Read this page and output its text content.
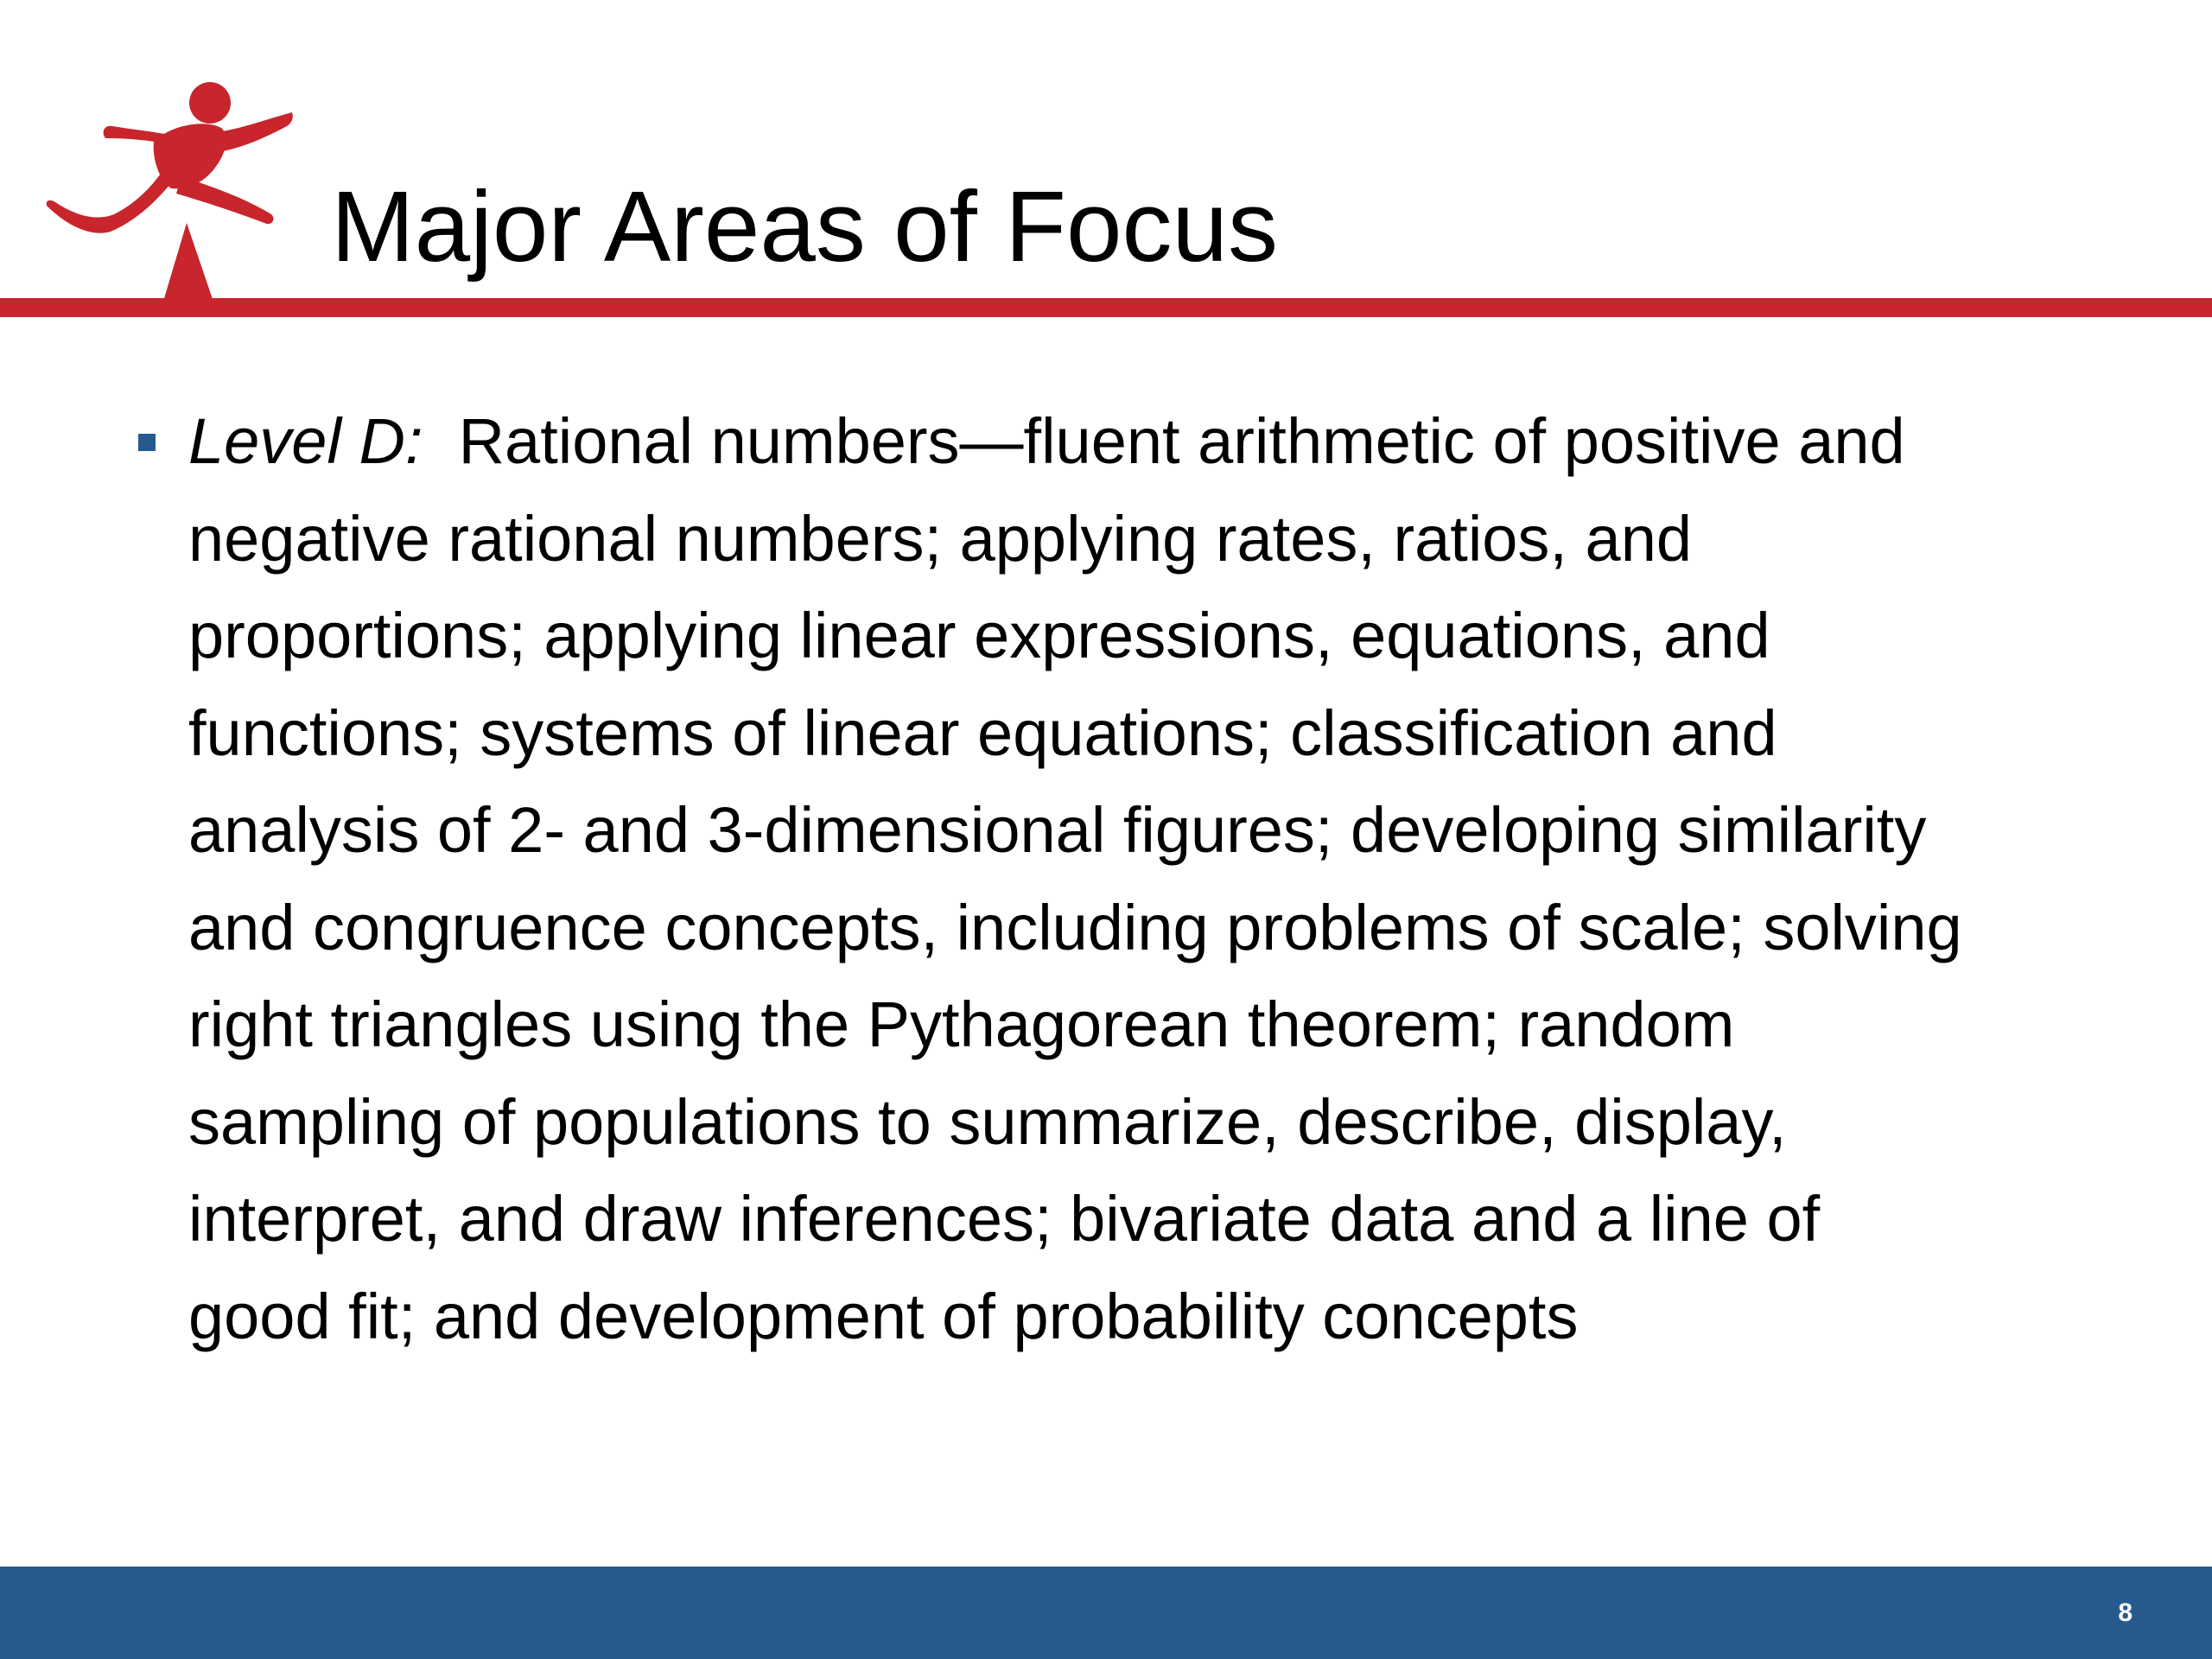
Major Areas of Focus

Level D: Rational numbers—fluent arithmetic of positive and
negative rational numbers; applying rates, ratios, and
proportions; applying linear expressions, equations, and
functions; systems of linear equations; classification and
analysis of 2- and 3-dimensional figures; developing similarity
and congruence concepts, including problems of scale; solving
right triangles using the Pythagorean theorem; random
sampling of populations to summarize, describe, display,
interpret, and draw inferences; bivariate data and a line of
good fit; and development of probability concepts

8
